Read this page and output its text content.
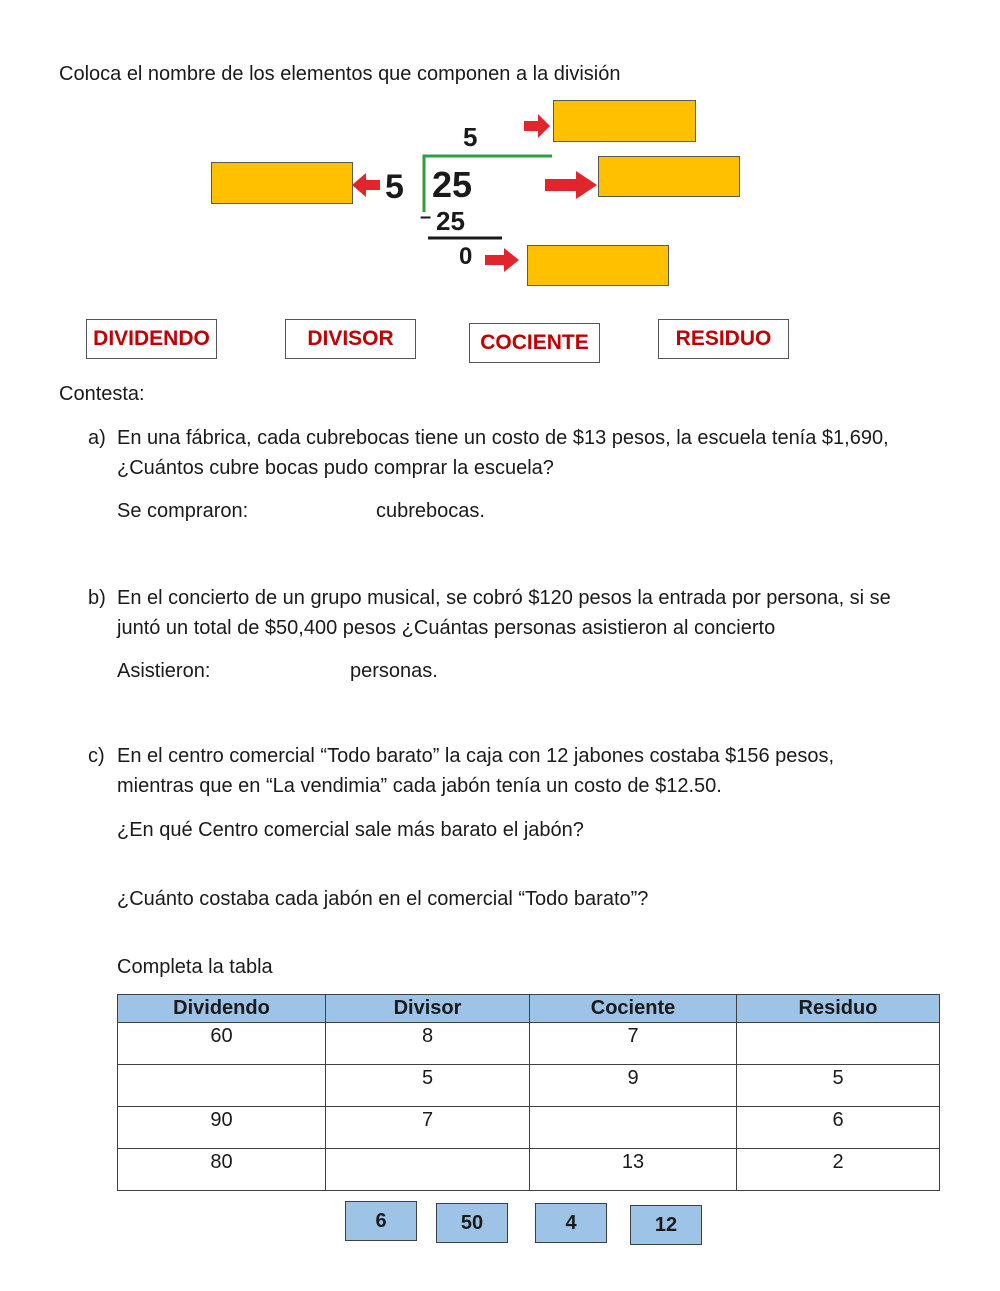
Coloca el nombre de los elementos que componen a la división
5
5 25
– 25
0
DIVIDENDO	DIVISOR	COCIENTE	RESIDUO
Contesta:
a) En una fábrica, cada cubrebocas tiene un costo de $13 pesos, la escuela tenía $1,690,
¿Cuántos cubre bocas pudo comprar la escuela?
Se compraron:	cubrebocas.
b) En el concierto de un grupo musical, se cobró $120 pesos la entrada por persona, si se
juntó un total de $50,400 pesos ¿Cuántas personas asistieron al concierto
Asistieron:	personas.
c) En el centro comercial “Todo barato” la caja con 12 jabones costaba $156 pesos,
mientras que en “La vendimia” cada jabón tenía un costo de $12.50.
¿En qué Centro comercial sale más barato el jabón?
¿Cuánto costaba cada jabón en el comercial “Todo barato”?
Completa la tabla
Dividendo	Divisor	Cociente	Residuo
60	8	7	
	5	9	5
90	7		6
80		13	2
6	50	4	12
